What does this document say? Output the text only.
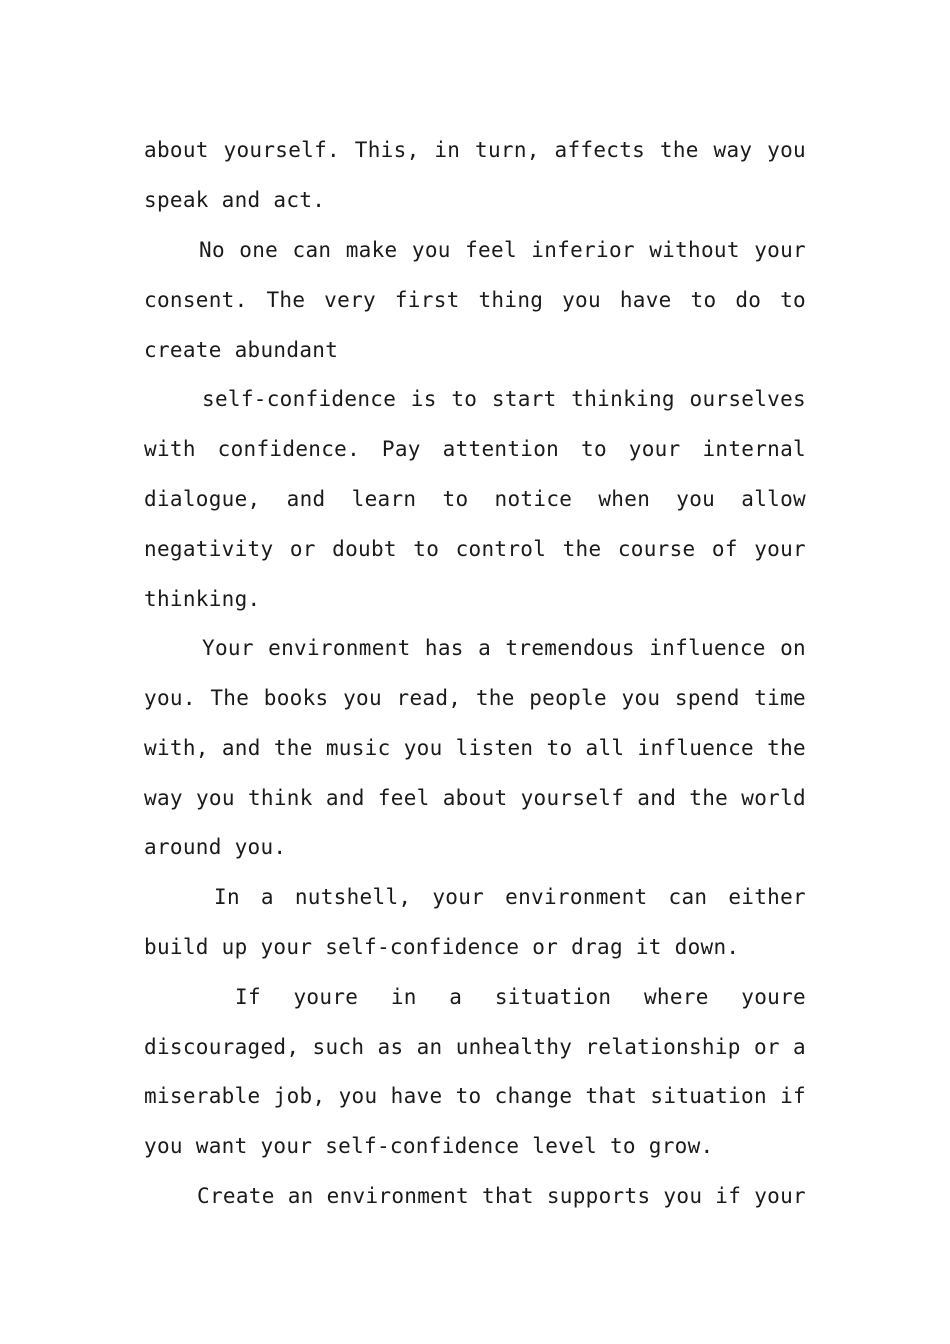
about yourself. This, in turn, affects the way you
speak and act.
No one can make you feel inferior without your
consent. The very first thing you have to do to
create abundant
self-confidence is to start thinking ourselves
with confidence. Pay attention to your internal
dialogue, and learn to notice when you allow
negativity or doubt to control the course of your
thinking.
Your environment has a tremendous influence on
you. The books you read, the people you spend time
with, and the music you listen to all influence the
way you think and feel about yourself and the world
around you.
In a nutshell, your environment can either
build up your self-confidence or drag it down.
If youre in a situation where youre
discouraged, such as an unhealthy relationship or a
miserable job, you have to change that situation if
you want your self-confidence level to grow.
Create an environment that supports you if your
